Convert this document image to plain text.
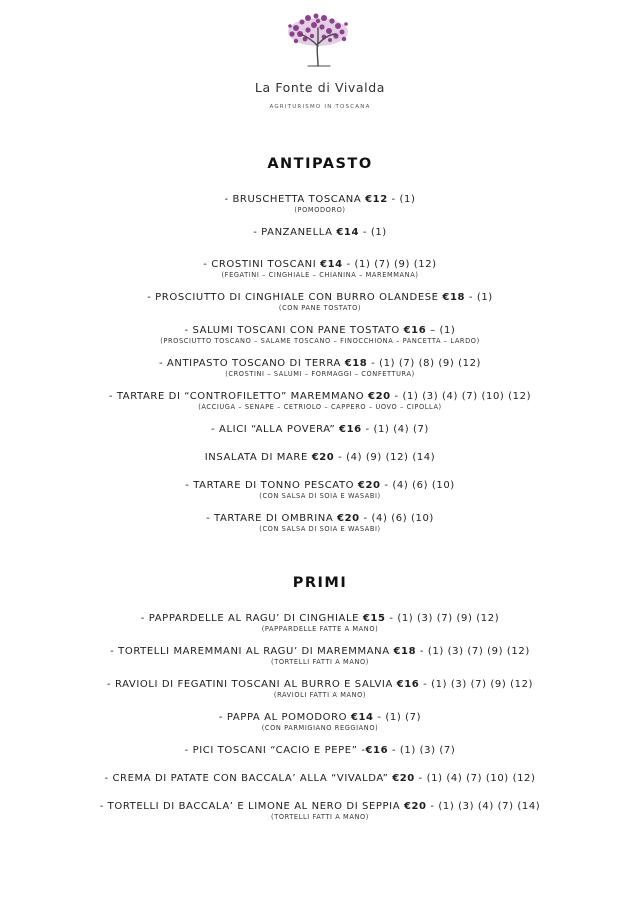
La Fonte di Vivalda
AGRITURISMO IN TOSCANA
ANTIPASTO
- BRUSCHETTA TOSCANA €12 - (1)
(POMODORO)
- PANZANELLA €14 - (1)
- CROSTINI TOSCANI €14 - (1) (7) (9) (12)
(FEGATINI – CINGHIALE – CHIANINA – MAREMMANA)
- PROSCIUTTO DI CINGHIALE CON BURRO OLANDESE €18 - (1)
(CON PANE TOSTATO)
- SALUMI TOSCANI CON PANE TOSTATO €16 – (1)
(PROSCIUTTO TOSCANO – SALAME TOSCANO – FINOCCHIONA – PANCETTA – LARDO)
- ANTIPASTO TOSCANO DI TERRA €18 - (1) (7) (8) (9) (12)
(CROSTINI – SALUMI – FORMAGGI – CONFETTURA)
- TARTARE DI “CONTROFILETTO” MAREMMANO €20 - (1) (3) (4) (7) (10) (12)
(ACCIUGA – SENAPE – CETRIOLO – CAPPERO – UOVO – CIPOLLA)
- ALICI “ALLA POVERA” €16 - (1) (4) (7)
INSALATA DI MARE €20 - (4) (9) (12) (14)
- TARTARE DI TONNO PESCATO €20 - (4) (6) (10)
(CON SALSA DI SOIA E WASABI)
- TARTARE DI OMBRINA €20 - (4) (6) (10)
(CON SALSA DI SOIA E WASABI)
PRIMI
- PAPPARDELLE AL RAGU’ DI CINGHIALE €15 - (1) (3) (7) (9) (12)
(PAPPARDELLE FATTE A MANO)
- TORTELLI MAREMMANI AL RAGU’ DI MAREMMANA €18 - (1) (3) (7) (9) (12)
(TORTELLI FATTI A MANO)
- RAVIOLI DI FEGATINI TOSCANI AL BURRO E SALVIA €16 - (1) (3) (7) (9) (12)
(RAVIOLI FATTI A MANO)
- PAPPA AL POMODORO €14 - (1) (7)
(CON PARMIGIANO REGGIANO)
- PICI TOSCANI “CACIO E PEPE” -€16 - (1) (3) (7)
- CREMA DI PATATE CON BACCALA’ ALLA “VIVALDA” €20 - (1) (4) (7) (10) (12)
- TORTELLI DI BACCALA’ E LIMONE AL NERO DI SEPPIA €20 - (1) (3) (4) (7) (14)
(TORTELLI FATTI A MANO)
